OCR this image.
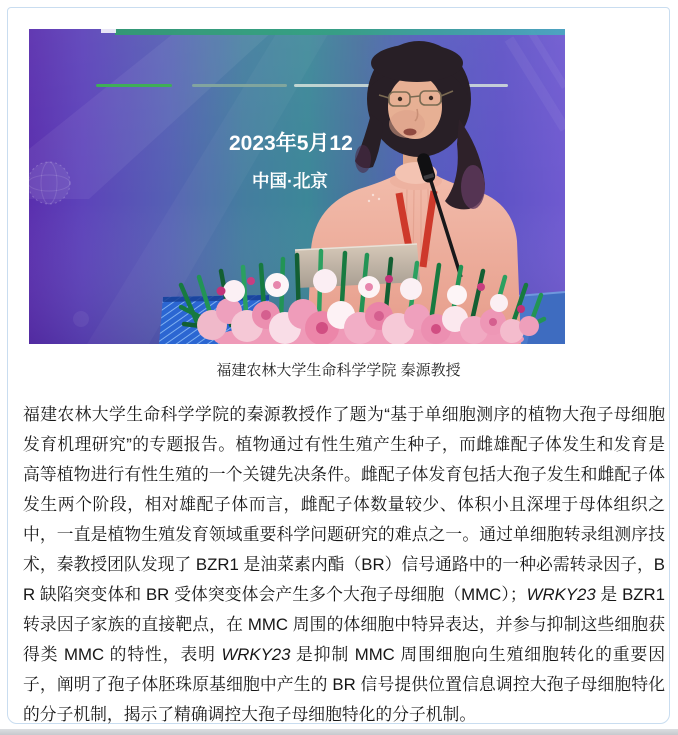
2023年5月12
中国·北京
福建农林大学生命科学学院 秦源教授
福建农林大学生命科学学院的秦源教授作了题为“基于单细胞测序的植物大孢子母细胞发育机理研究”的专题报告。植物通过有性生殖产生种子，而雌雄配子体发生和发育是高等植物进行有性生殖的一个关键先决条件。雌配子体发育包括大孢子发生和雌配子体发生两个阶段，相对雄配子体而言，雌配子体数量较少、体积小且深埋于母体组织之中，一直是植物生殖发育领域重要科学问题研究的难点之一。通过单细胞转录组测序技术，秦教授团队发现了 BZR1 是油菜素内酯（BR）信号通路中的一种必需转录因子，BR 缺陷突变体和 BR 受体突变体会产生多个大孢子母细胞（MMC）；WRKY23 是 BZR1 转录因子家族的直接靶点，在 MMC 周围的体细胞中特异表达，并参与抑制这些细胞获得类 MMC 的特性，表明 WRKY23 是抑制 MMC 周围细胞向生殖细胞转化的重要因子，阐明了孢子体胚珠原基细胞中产生的 BR 信号提供位置信息调控大孢子母细胞特化的分子机制，揭示了精确调控大孢子母细胞特化的分子机制。
